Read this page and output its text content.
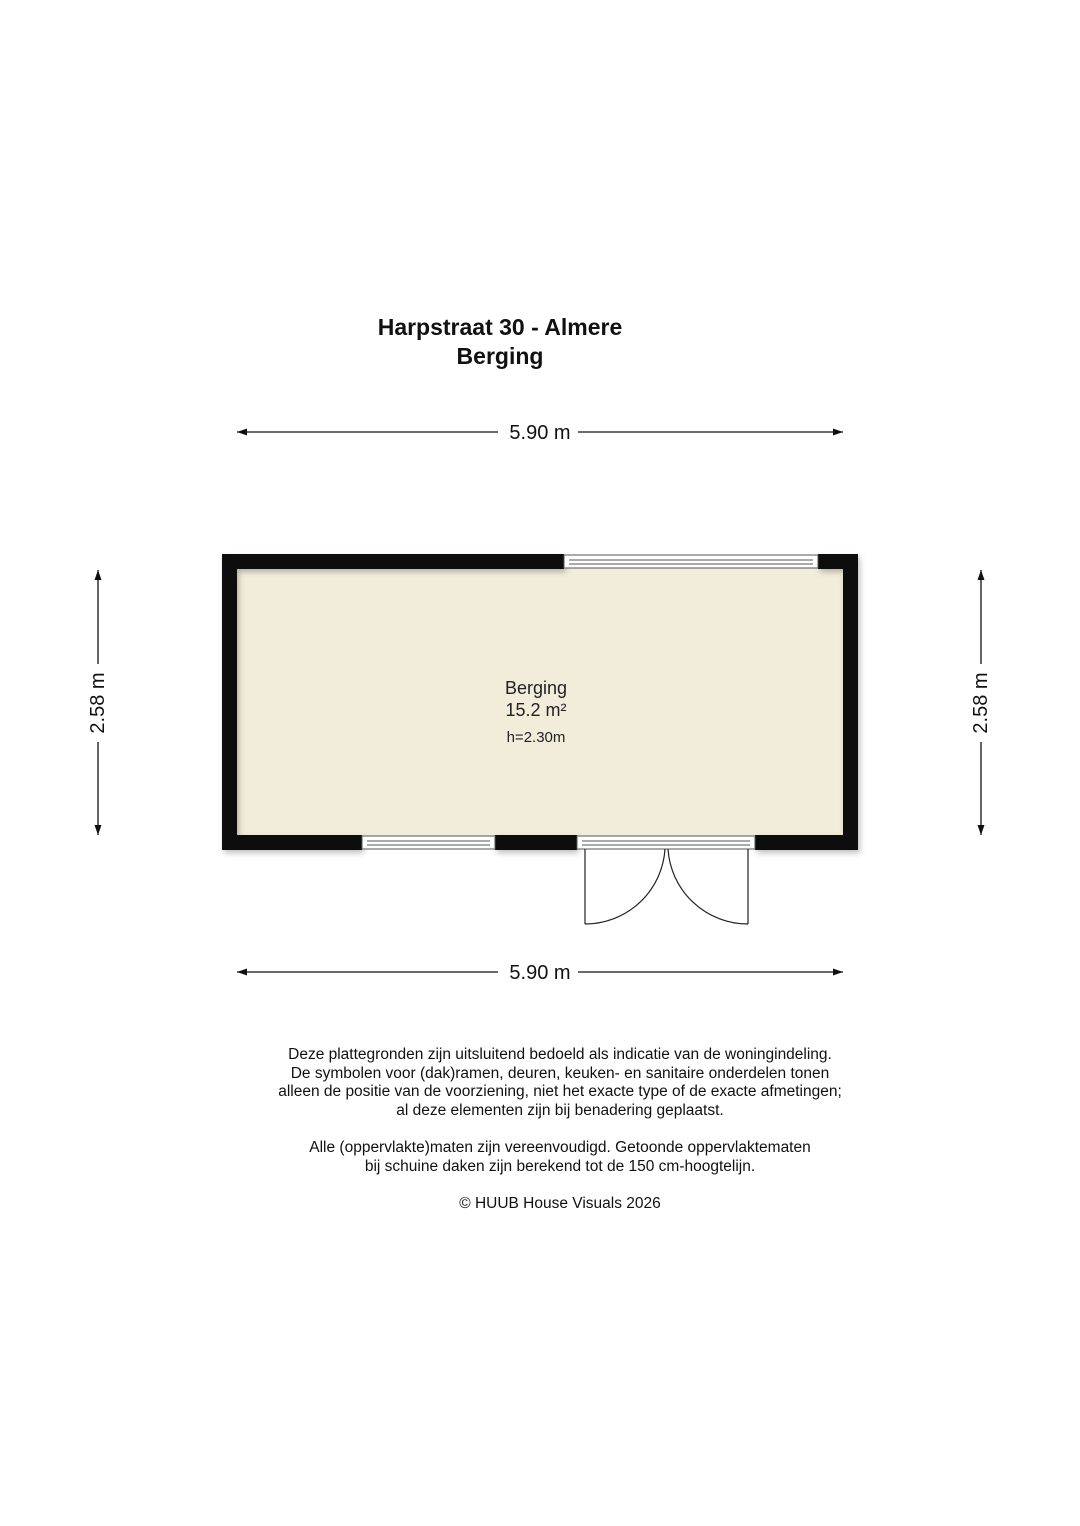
Harpstraat 30 - Almere
Berging
5.90 m
5.90 m
2.58 m	2.58 m
Berging
15.2 m²
h=2.30m

Deze plattegronden zijn uitsluitend bedoeld als indicatie van de woningindeling.

De symbolen voor (dak)ramen, deuren, keuken- en sanitaire onderdelen tonen

alleen de positie van de voorziening, niet het exacte type of de exacte afmetingen;

al deze elementen zijn bij benadering geplaatst.

Alle (oppervlakte)maten zijn vereenvoudigd. Getoonde oppervlaktematen

bij schuine daken zijn berekend tot de 150 cm-hoogtelijn.

© HUUB House Visuals 2026
